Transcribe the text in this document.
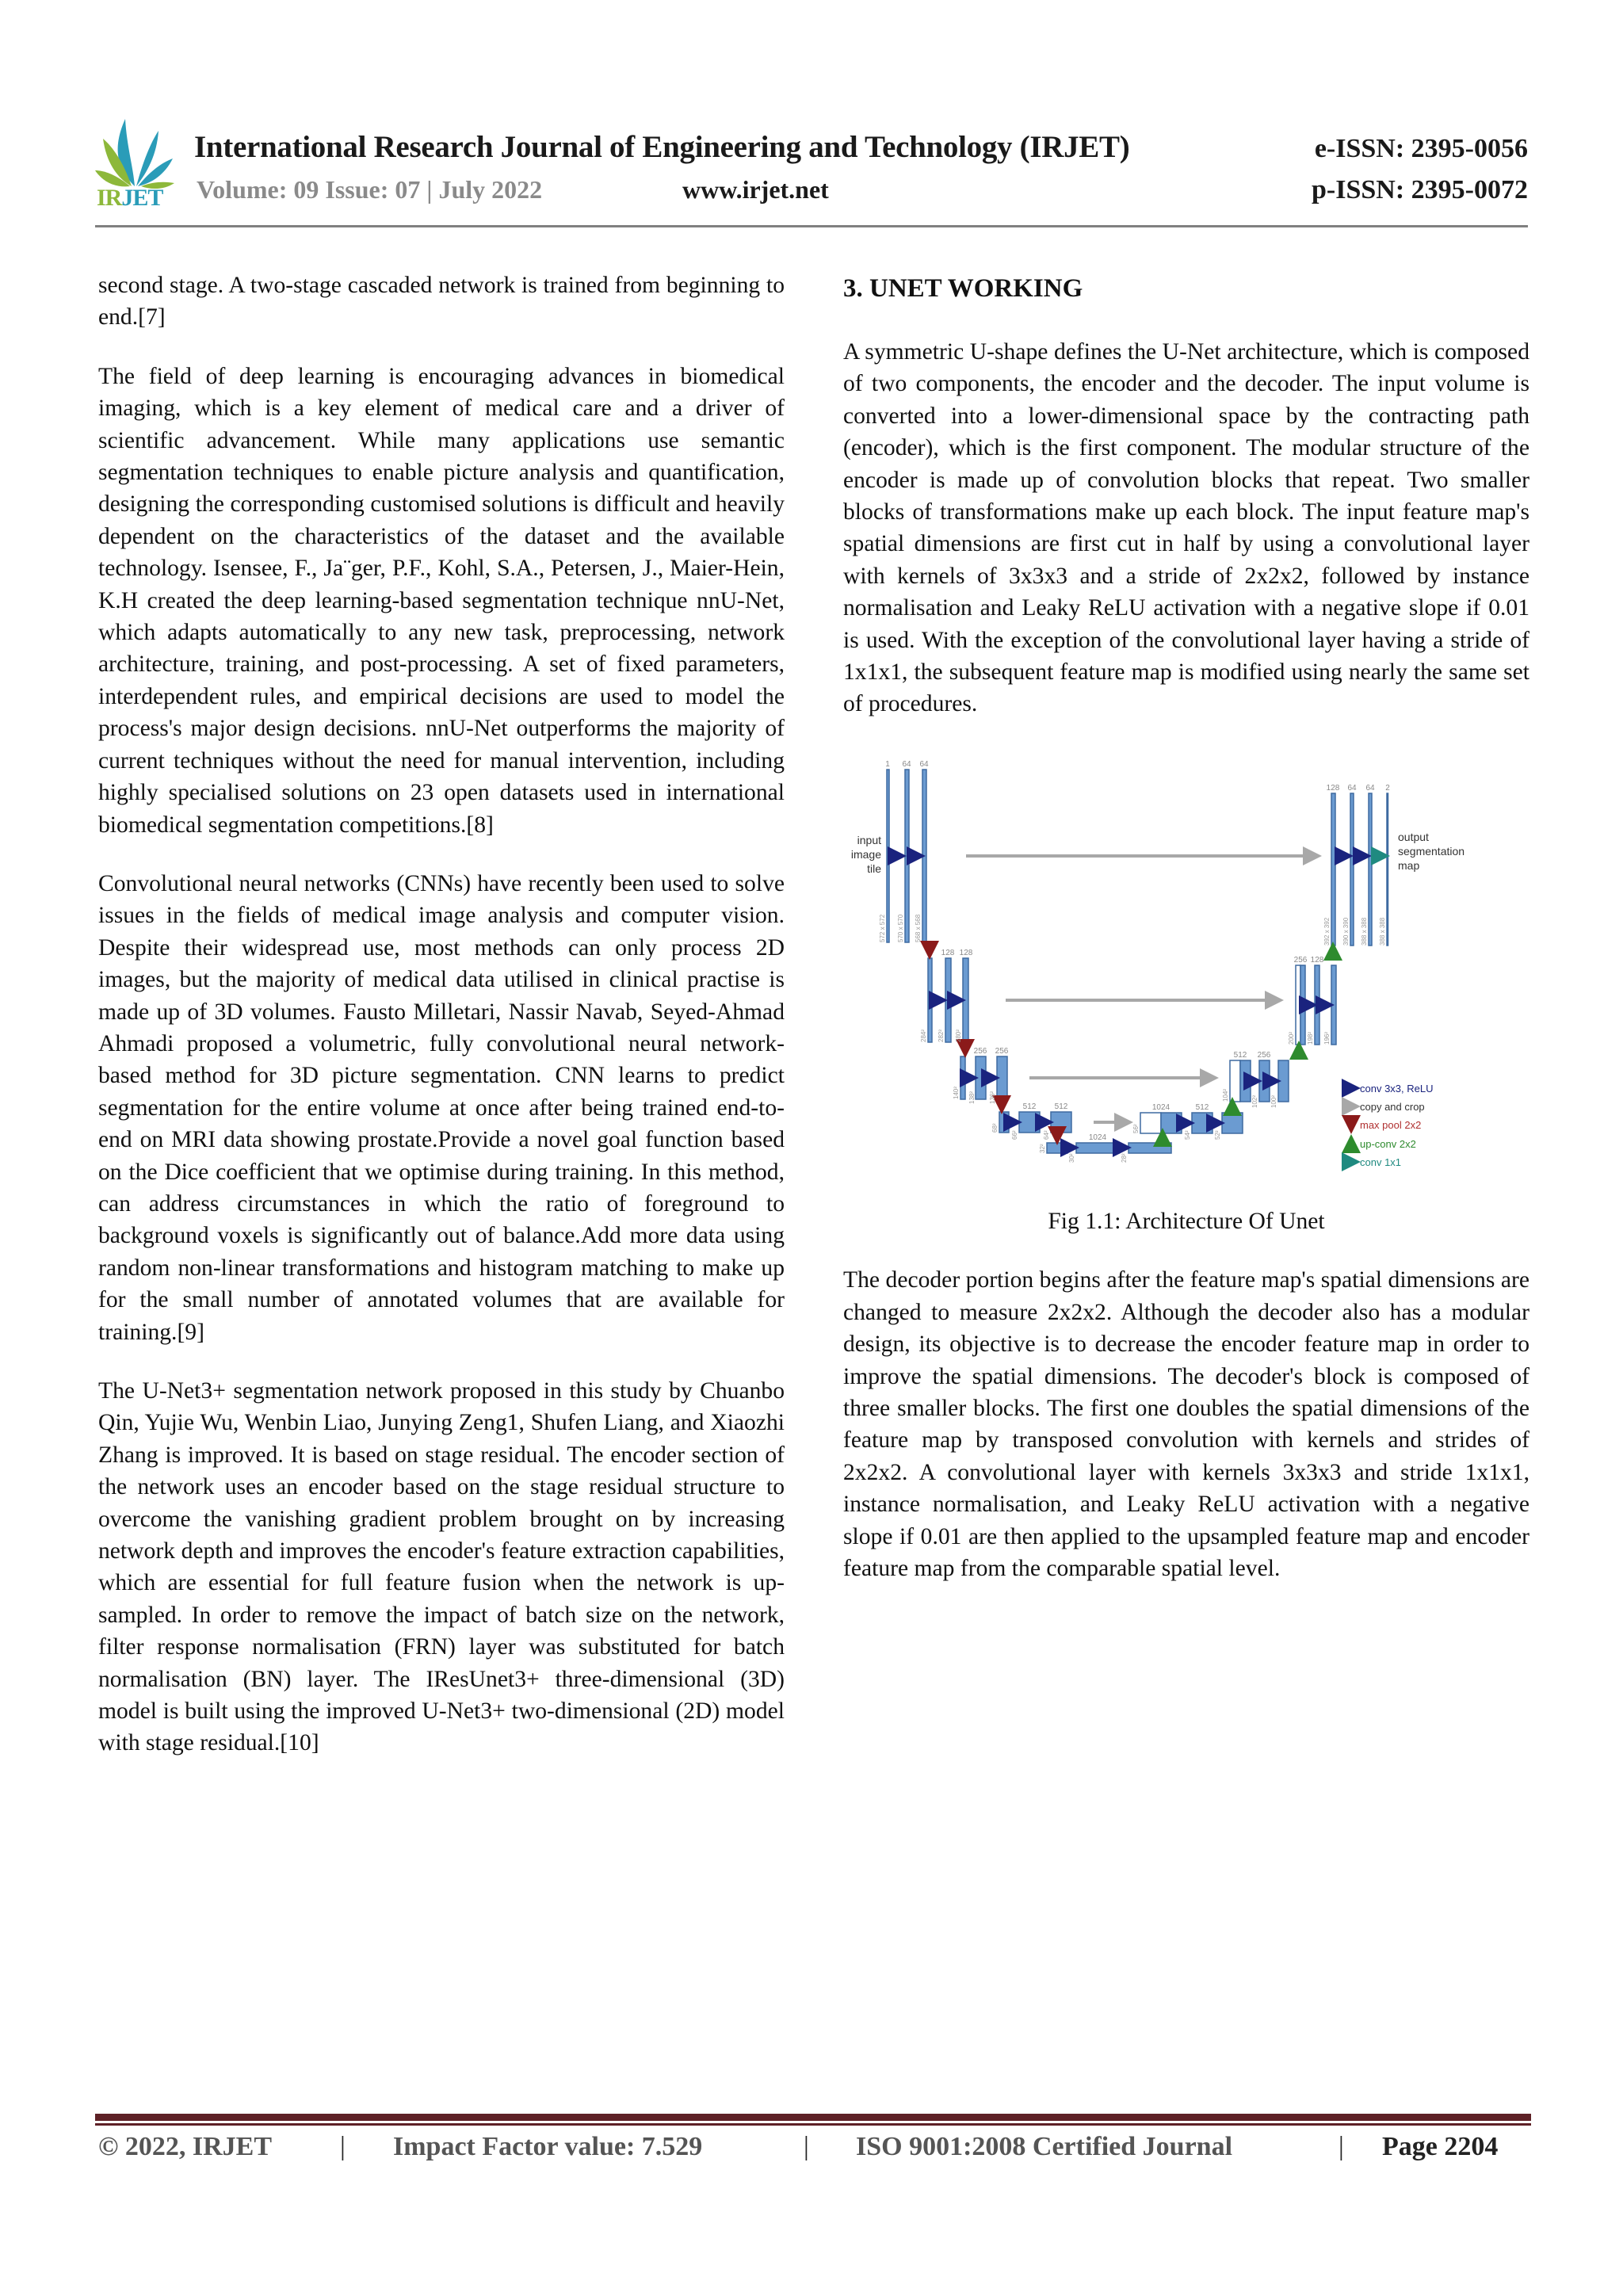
IRJET
International Research Journal of Engineering and Technology (IRJET)	e-ISSN: 2395-0056
Volume: 09 Issue: 07 | July 2022	www.irjet.net	p-ISSN: 2395-0072

second stage. A two-stage cascaded network is trained from beginning to end.[7]

The field of deep learning is encouraging advances in biomedical imaging, which is a key element of medical care and a driver of scientific advancement. While many applications use semantic segmentation techniques to enable picture analysis and quantification, designing the corresponding customised solutions is difficult and heavily dependent on the characteristics of the dataset and the available technology. Isensee, F., Ja¨ger, P.F., Kohl, S.A., Petersen, J., Maier-Hein, K.H created the deep learning-based segmentation technique nnU-Net, which adapts automatically to any new task, preprocessing, network architecture, training, and post-processing. A set of fixed parameters, interdependent rules, and empirical decisions are used to model the process's major design decisions. nnU-Net outperforms the majority of current techniques without the need for manual intervention, including highly specialised solutions on 23 open datasets used in international biomedical segmentation competitions.[8]

Convolutional neural networks (CNNs) have recently been used to solve issues in the fields of medical image analysis and computer vision. Despite their widespread use, most methods can only process 2D images, but the majority of medical data utilised in clinical practise is made up of 3D volumes. Fausto Milletari, Nassir Navab, Seyed-Ahmad Ahmadi proposed a volumetric, fully convolutional neural network-based method for 3D picture segmentation. CNN learns to predict segmentation for the entire volume at once after being trained end-to-end on MRI data showing prostate.Provide a novel goal function based on the Dice coefficient that we optimise during training. In this method, can address circumstances in which the ratio of foreground to background voxels is significantly out of balance.Add more data using random non-linear transformations and histogram matching to make up for the small number of annotated volumes that are available for training.[9]

The U-Net3+ segmentation network proposed in this study by Chuanbo Qin, Yujie Wu, Wenbin Liao, Junying Zeng1, Shufen Liang, and Xiaozhi Zhang is improved. It is based on stage residual. The encoder section of the network uses an encoder based on the stage residual structure to overcome the vanishing gradient problem brought on by increasing network depth and improves the encoder's feature extraction capabilities, which are essential for full feature fusion when the network is up-sampled. In order to remove the impact of batch size on the network, filter response normalisation (FRN) layer was substituted for batch normalisation (BN) layer. The IResUnet3+ three-dimensional (3D) model is built using the improved U-Net3+ two-dimensional (2D) model with stage residual.[10]

3. UNET WORKING

A symmetric U-shape defines the U-Net architecture, which is composed of two components, the encoder and the decoder. The input volume is converted into a lower-dimensional space by the contracting path (encoder), which is the first component. The modular structure of the encoder is made up of convolution blocks that repeat. Two smaller blocks of transformations make up each block. The input feature map's spatial dimensions are first cut in half by using a convolutional layer with kernels of 3x3x3 and a stride of 2x2x2, followed by instance normalisation and Leaky ReLU activation with a negative slope if 0.01 is used. With the exception of the convolutional layer having a stride of 1x1x1, the subsequent feature map is modified using nearly the same set of procedures.

input
image
tile
output
segmentation
map
1 64 64
128 128
256 256
512 512
1024
1024	512
512 256
256 128
128 64 64 2
572 x 572 570 x 570 568 x 568	392 x 392 390 x 390 388 x 388 388 x 388
284² 282² 280²	200² 198² 196²
140² 138² 136²	104²	102² 100²
68²
66²	64²
56²
54²	52²
32²
30²	28²
conv 3x3, ReLU
copy and crop
max pool 2x2
up-conv 2x2
conv 1x1
Fig 1.1: Architecture Of Unet

The decoder portion begins after the feature map's spatial dimensions are changed to measure 2x2x2. Although the decoder also has a modular design, its objective is to decrease the encoder feature map in order to improve the spatial dimensions. The decoder's block is composed of three smaller blocks. The first one doubles the spatial dimensions of the feature map by transposed convolution with kernels and strides of 2x2x2. A convolutional layer with kernels 3x3x3 and stride 1x1x1, instance normalisation, and Leaky ReLU activation with a negative slope if 0.01 are then applied to the upsampled feature map and encoder feature map from the comparable spatial level.

© 2022, IRJET	| Impact Factor value: 7.529	| ISO 9001:2008 Certified Journal	| Page 2204
